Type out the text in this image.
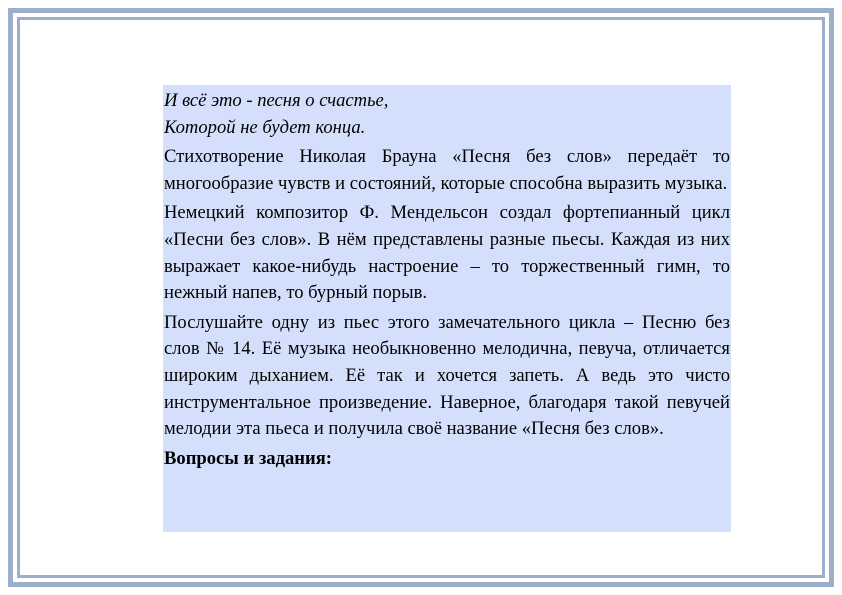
И всё это - песня о счастье,
Которой не будет конца.

Стихотворение Николая Брауна «Песня без слов» передаёт то многообразие чувств и состояний, которые способна выразить музыка.

Немецкий композитор Ф. Мендельсон создал фортепианный цикл «Песни без слов». В нём представлены разные пьесы. Каждая из них выражает какое-нибудь настроение – то торжественный гимн, то нежный напев, то бурный порыв.

Послушайте одну из пьес этого замечательного цикла – Песню без слов № 14. Её музыка необыкновенно мелодична, певуча, отличается широким дыханием. Её так и хочется запеть. А ведь это чисто инструментальное произведение. Наверное, благодаря такой певучей мелодии эта пьеса и получила своё название «Песня без слов».

Вопросы и задания:
